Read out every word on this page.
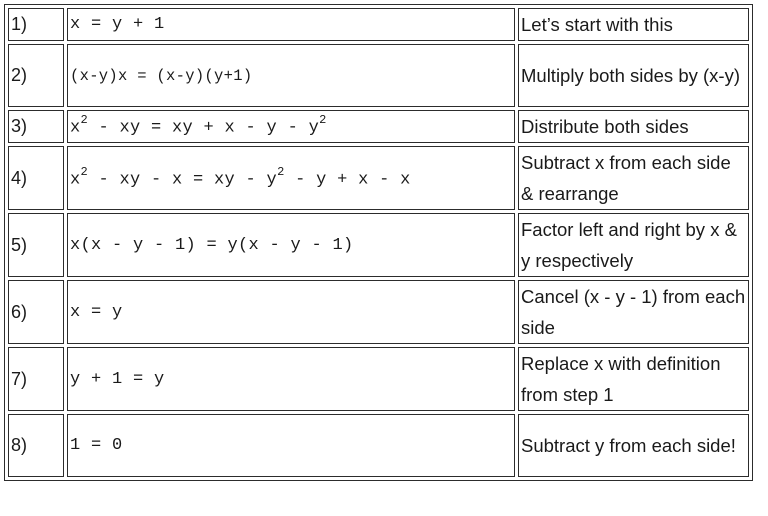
1)	x = y + 1	Let’s start with this
2)	(x-y)x = (x-y)(y+1)	Multiply both sides by (x-y)
3)	$x^2$ - xy = xy + x - y - $y^2$	Distribute both sides
4)	$x^2$ - xy - x = xy - $y^2 - y + x - x$	Subtract x from each side & rearrange
5)	x(x - y - 1) = y(x - y - 1)	Factor left and right by x & y respectively
6)	x = y	Cancel (x - y - 1) from each side
7)	y + 1 = y	Replace x with definition from step 1
8)	1 = 0	Subtract y from each side!
